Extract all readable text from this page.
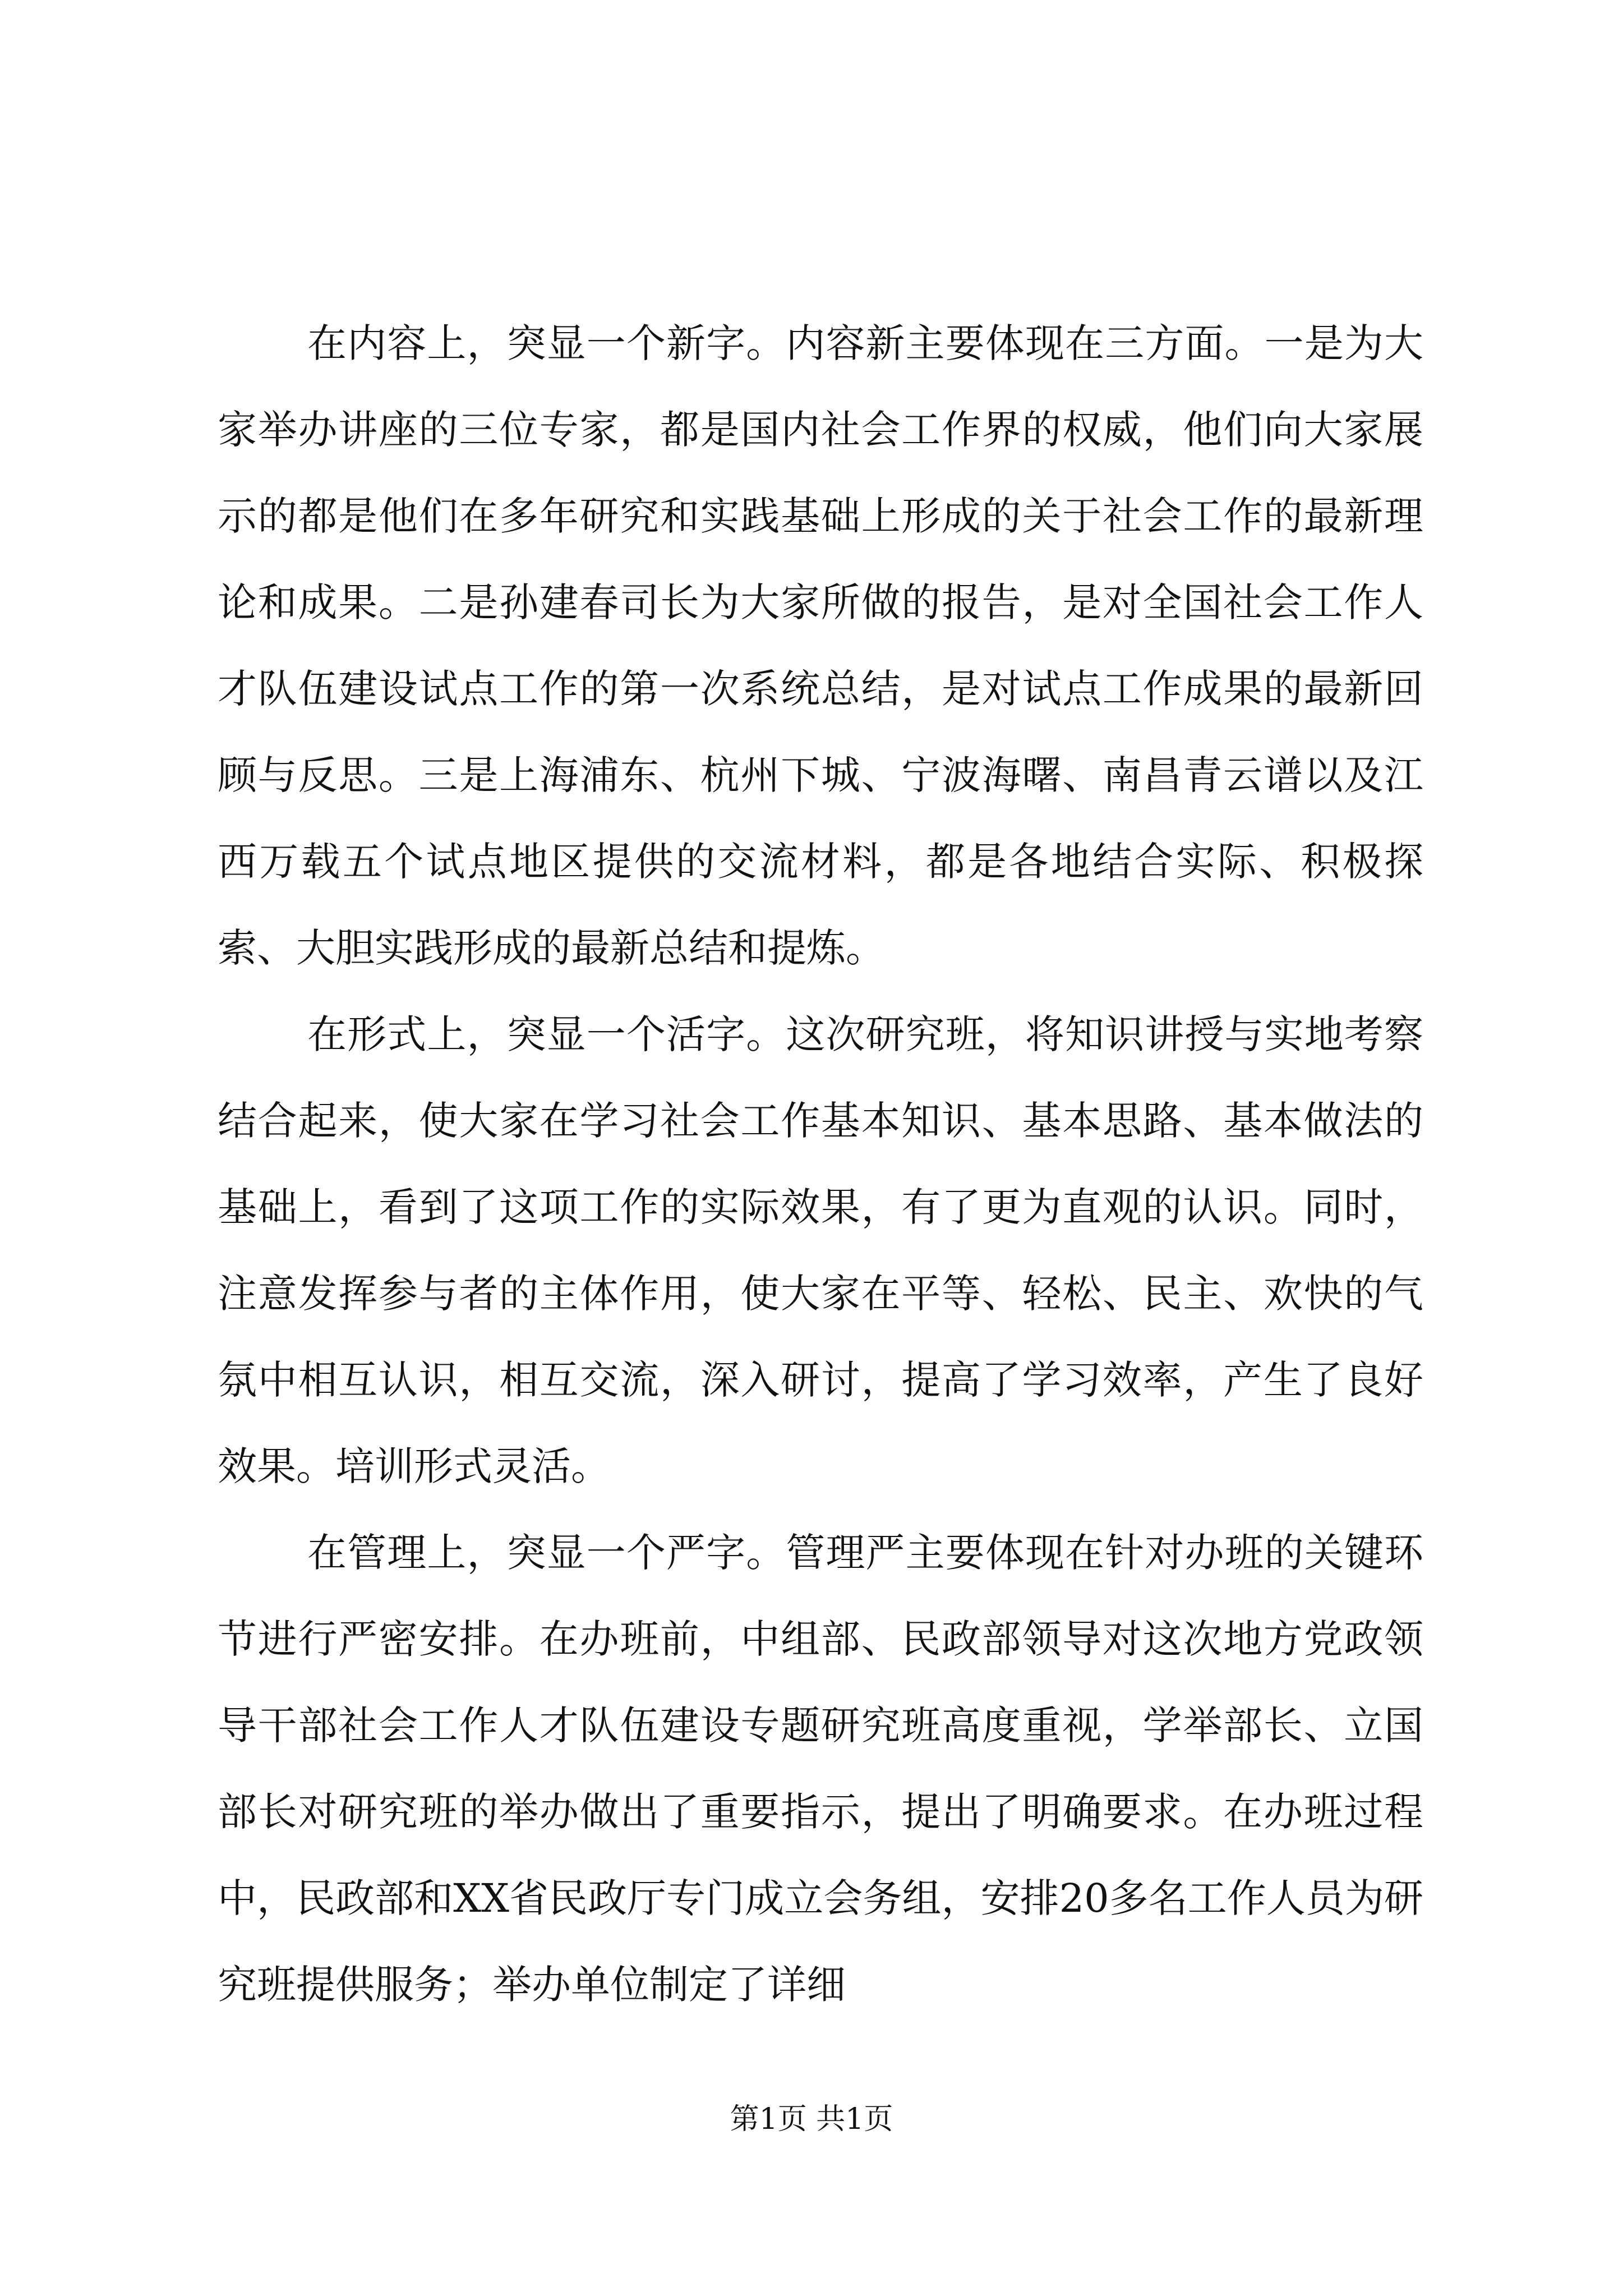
在内容上，突显一个新字。内容新主要体现在三方面。一是为大家举办讲座的三位专家，都是国内社会工作界的权威，他们向大家展示的都是他们在多年研究和实践基础上形成的关于社会工作的最新理论和成果。二是孙建春司长为大家所做的报告，是对全国社会工作人才队伍建设试点工作的第一次系统总结，是对试点工作成果的最新回顾与反思。三是上海浦东、杭州下城、宁波海曙、南昌青云谱以及江西万载五个试点地区提供的交流材料，都是各地结合实际、积极探索、大胆实践形成的最新总结和提炼。

在形式上，突显一个活字。这次研究班，将知识讲授与实地考察结合起来，使大家在学习社会工作基本知识、基本思路、基本做法的基础上，看到了这项工作的实际效果，有了更为直观的认识。同时，注意发挥参与者的主体作用，使大家在平等、轻松、民主、欢快的气氛中相互认识，相互交流，深入研讨，提高了学习效率，产生了良好效果。培训形式灵活。

在管理上，突显一个严字。管理严主要体现在针对办班的关键环节进行严密安排。在办班前，中组部、民政部领导对这次地方党政领导干部社会工作人才队伍建设专题研究班高度重视，学举部长、立国部长对研究班的举办做出了重要指示，提出了明确要求。在办班过程中，民政部和XX省民政厅专门成立会务组，安排20多名工作人员为研究班提供服务；举办单位制定了详细

第1页 共1页
